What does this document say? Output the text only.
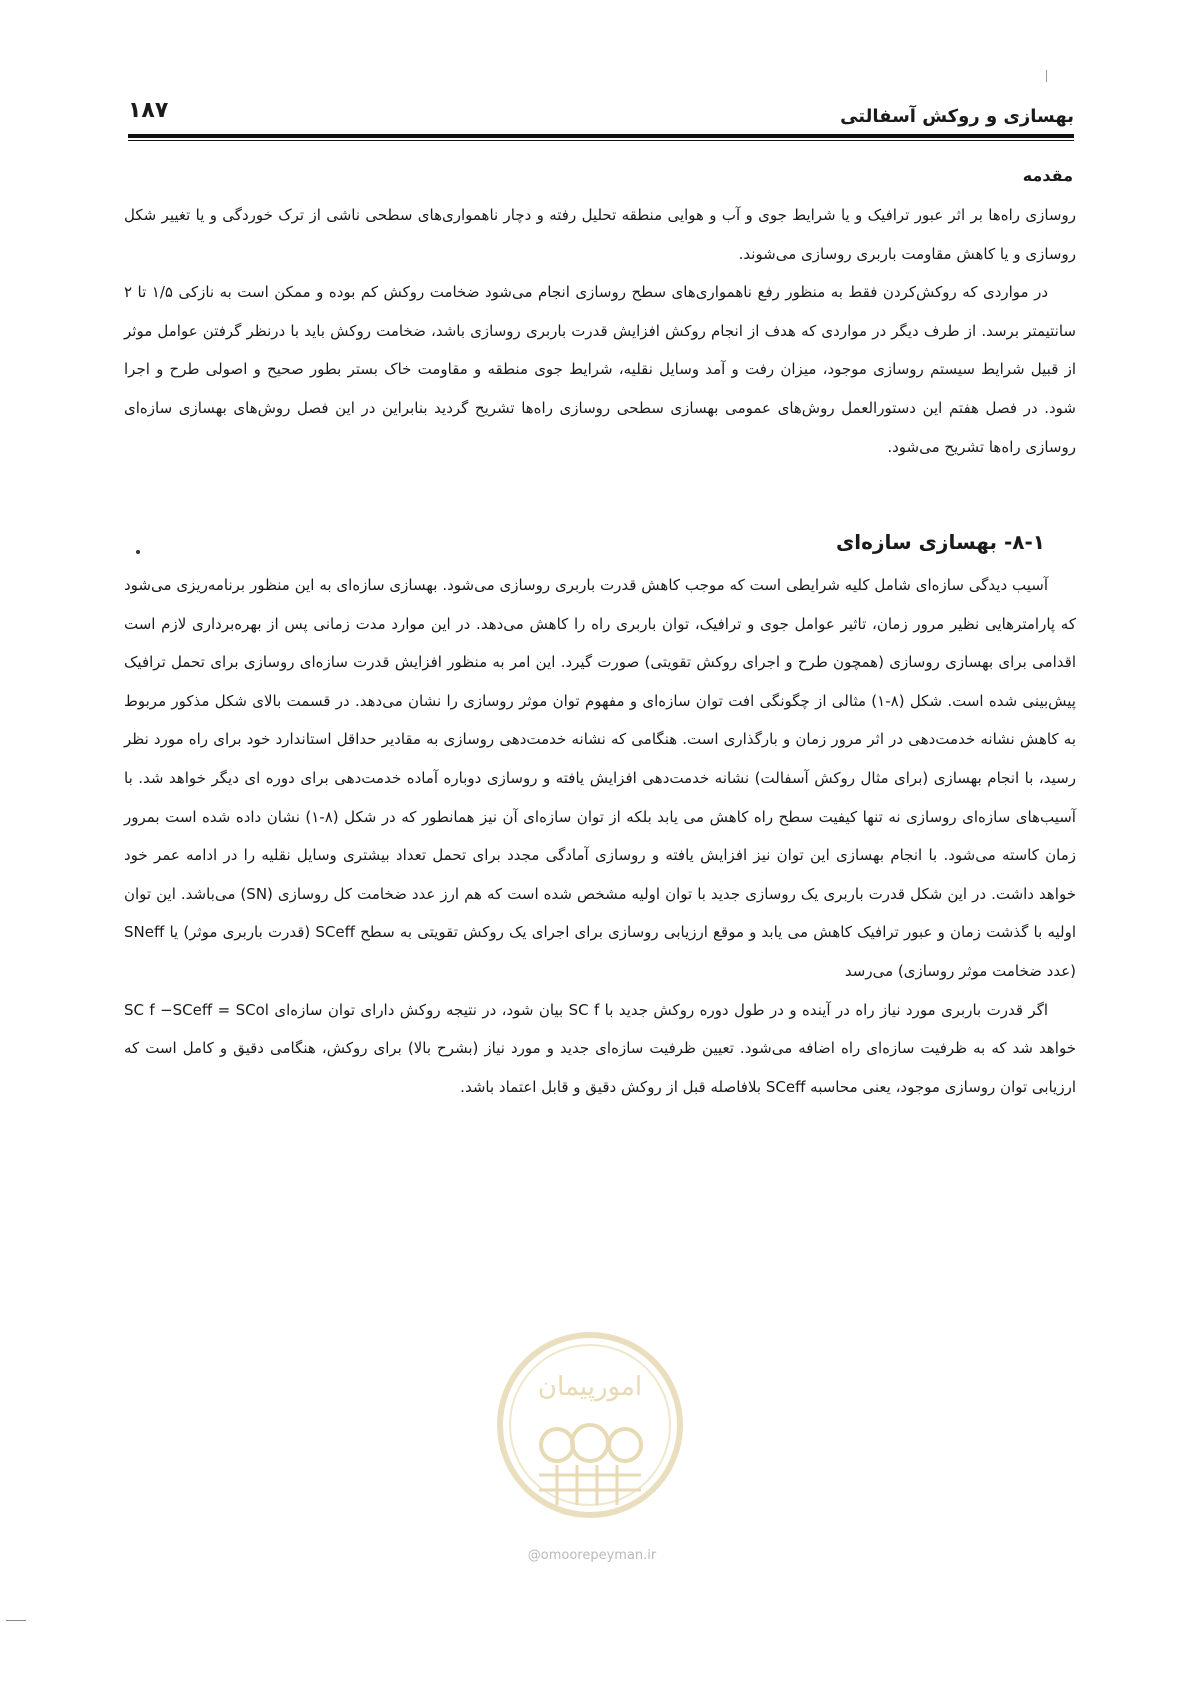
۱۸۷	بهسازی و روکش آسفالتی
مقدمه

روسازی راه‌ها بر اثر عبور ترافیک و یا شرایط جوی و آب و هوایی منطقه تحلیل رفته و دچار ناهمواری‌های سطحی ناشی از ترک خوردگی و یا تغییر شکل روسازی و یا کاهش مقاومت باربری روسازی می‌شوند.

در مواردی که روکش‌کردن فقط به منظور رفع ناهمواری‌های سطح روسازی انجام می‌شود ضخامت روکش کم بوده و ممکن است به نازکی ۱/۵ تا ۲ سانتیمتر برسد. از طرف دیگر در مواردی که هدف از انجام روکش افزایش قدرت باربری روسازی باشد، ضخامت روکش باید با درنظر گرفتن عوامل موثر از قبیل شرایط سیستم روسازی موجود، میزان رفت و آمد وسایل نقلیه، شرایط جوی منطقه و مقاومت خاک بستر بطور صحیح و اصولی طرح و اجرا شود. در فصل هفتم این دستورالعمل روش‌های عمومی بهسازی سطحی روسازی راه‌ها تشریح گردید بنابراین در این فصل روش‌های بهسازی سازه‌ای روسازی راه‌ها تشریح می‌شود.

۸-۱- بهسازی سازه‌ای

آسیب دیدگی سازه‌ای شامل کلیه شرایطی است که موجب کاهش قدرت باربری روسازی می‌شود. بهسازی سازه‌ای به این منظور برنامه‌ریزی می‌شود که پارامترهایی نظیر مرور زمان، تاثیر عوامل جوی و ترافیک، توان باربری راه را کاهش می‌دهد. در این موارد مدت زمانی پس از بهره‌برداری لازم است اقدامی برای بهسازی روسازی (همچون طرح و اجرای روکش تقویتی) صورت گیرد. این امر به منظور افزایش قدرت سازه‌ای روسازی برای تحمل ترافیک پیش‌بینی شده است. شکل (۸-۱) مثالی از چگونگی افت توان سازه‌ای و مفهوم توان موثر روسازی را نشان می‌دهد. در قسمت بالای شکل مذکور مربوط به کاهش نشانه خدمت‌دهی در اثر مرور زمان و بارگذاری است. هنگامی که نشانه خدمت‌دهی روسازی به مقادیر حداقل استاندارد خود برای راه مورد نظر رسید، با انجام بهسازی (برای مثال روکش آسفالت) نشانه خدمت‌دهی افزایش یافته و روسازی دوباره آماده خدمت‌دهی برای دوره ای دیگر خواهد شد. با آسیب‌های سازه‌ای روسازی نه تنها کیفیت سطح راه کاهش می یابد بلکه از توان سازه‌ای آن نیز همانطور که در شکل (۸-۱) نشان داده شده است بمرور زمان کاسته می‌شود. با انجام بهسازی این توان نیز افزایش یافته و روسازی آمادگی مجدد برای تحمل تعداد بیشتری وسایل نقلیه را در ادامه عمر خود خواهد داشت. در این شکل قدرت باربری یک روسازی جدید با توان اولیه مشخص شده است که هم ارز عدد ضخامت کل روسازی (SN) می‌باشد. این توان اولیه با گذشت زمان و عبور ترافیک کاهش می یابد و موقع ارزیابی روسازی برای اجرای یک روکش تقویتی به سطح SCeff (قدرت باربری موثر) یا SNeff (عدد ضخامت موثر روسازی) می‌رسد

اگر قدرت باربری مورد نیاز راه در آینده و در طول دوره روکش جدید با SC f بیان شود، در نتیجه روکش دارای توان سازه‌ای SC f −SCeff = SCol خواهد شد که به ظرفیت سازه‌ای راه اضافه می‌شود. تعیین ظرفیت سازه‌ای جدید و مورد نیاز (بشرح بالا) برای روکش، هنگامی دقیق و کامل است که ارزیابی توان روسازی موجود، یعنی محاسبه SCeff بلافاصله قبل از روکش دقیق و قابل اعتماد باشد.

امورپیمان
@omoorepeyman.ir
